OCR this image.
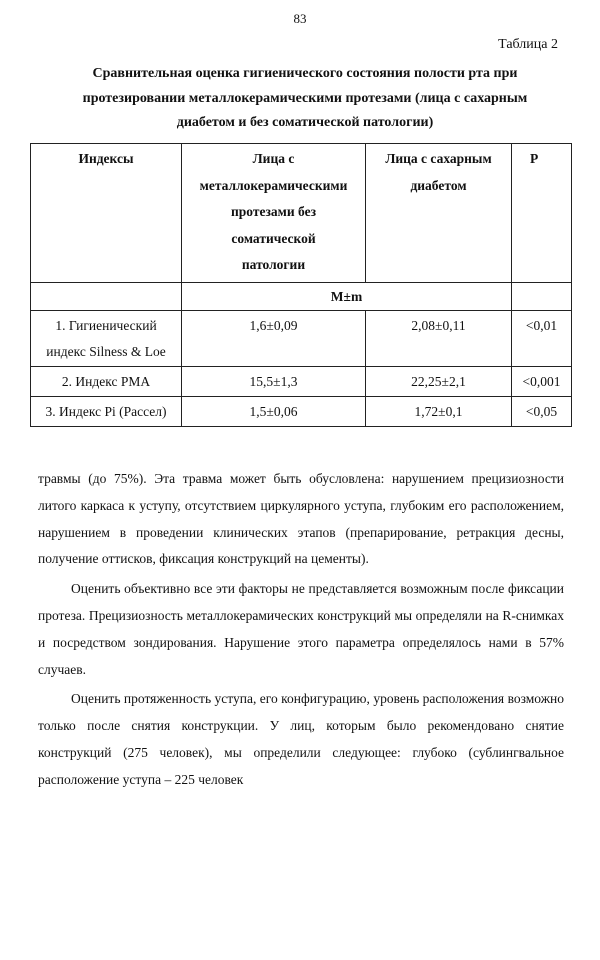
83
Таблица 2
Сравнительная оценка гигиенического состояния полости рта при
протезировании металлокерамическими протезами (лица с сахарным
диабетом и без соматической патологии)
Индексы	Лица с
металлокерамическими
протезами без
соматической
патологии	Лица с сахарным
диабетом	P
	M±m		
1. Гигиенический
индекс Silness & Loe	1,6±0,09	2,08±0,11	<0,01
2. Индекс РМА	15,5±1,3	22,25±2,1	<0,001
3. Индекс Pi (Рассел)	1,5±0,06	1,72±0,1	<0,05

травмы (до 75%). Эта травма может быть обусловлена: нарушением прецизиозности литого каркаса к уступу, отсутствием циркулярного уступа, глубоким его расположением, нарушением в проведении клинических этапов (препарирование, ретракция десны, получение оттисков, фиксация конструкций на цементы).

Оценить объективно все эти факторы не представляется возможным после фиксации протеза. Прецизиозность металлокерамических конструкций мы определяли на R-снимках и посредством зондирования. Нарушение этого параметра определялось нами в 57% случаев.

Оценить протяженность уступа, его конфигурацию, уровень расположения возможно только после снятия конструкции. У лиц, которым было рекомендовано снятие конструкций (275 человек), мы определили следующее: глубоко (сублингвальное расположение уступа – 225 человек
